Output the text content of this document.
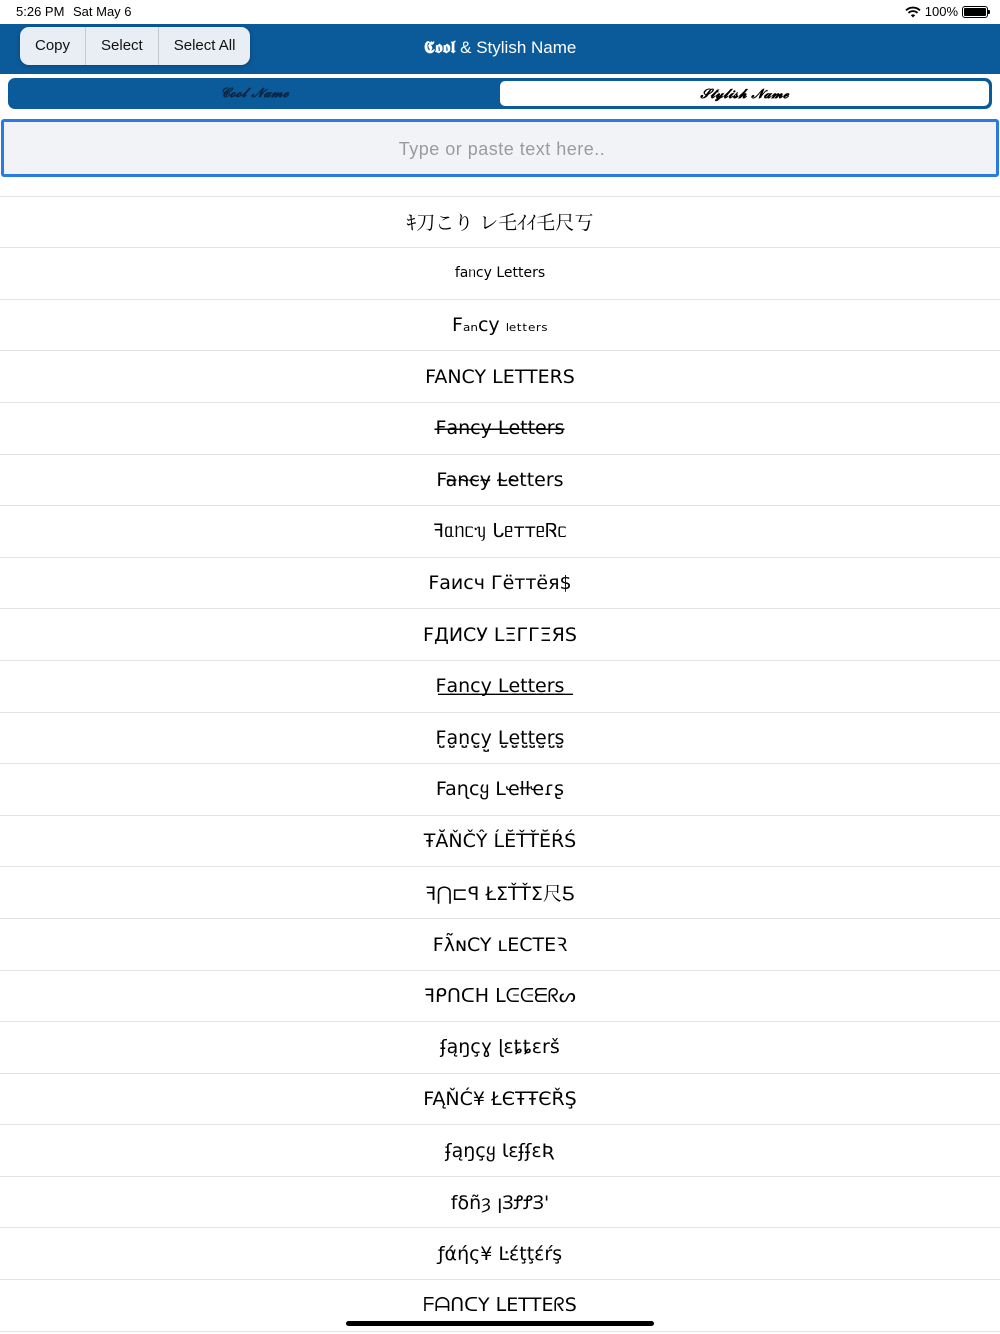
5:26 PM Sat May 6	100%
𝕮𝖔𝖔𝖑 & Stylish Name
Copy	Select	Select All
𝓒𝓸𝓸𝓵 𝓝𝓪𝓶𝓮	𝓢𝓽𝔂𝓵𝓲𝓼𝓱 𝓝𝓪𝓶𝓮
ｷ刀こり レ乇ｲｲ乇尺丂
faᥒcy Letters
Fₐₙcy ₗₑₜₜₑᵣₛ
FANCY LETTERS
F̶a̶n̶c̶y̶ ̶L̶e̶t̶t̶e̶r̶s̶
Fa̴n̴c̴y̴ L̴e̴tters
ꟻᥲᥒᥴᥡ ᒐᥱᴛᴛᥱᏒᥴ
Fаисч Гёттёя$
FДИCУ LΞГГΞЯS
F͟a͟n͟c͟y͟ L͟e͟t͟t͟e͟r͟s͟
F̤̮a̤̮n̤̮c̤̮y̤̮ L̤̮e̤̮t̤̮t̤̮e̤̮r̤̮s̤̮
Faɳcყ Lҽƚƚҽɾʂ
ŦĂŇČŶ ĹĔŤŤĔŔŚ
ꟻ⋂⊏ꟼ ŁΣŤŤΣ尺Ƽ
Fλ̃ɴCY ʟECTEꝚ
ꟻᑭᑎᑕᕼ ᒪᕮᕮᗴᖇᔕ
ʄąŋçɣ ɭɛȶȶɛrš
FĄŇĆ¥ ŁЄŦŦЄŘŞ
ʄąŋçყ ƖɛʄʄɛƦ
fδñȝ ꞁꞫꝬꝬꞫꞌ
ƒάής¥ Ŀέţţέŕş
ᖴᗩᑎᑕY ᒪEТТEᖇS
Type or paste text here..
